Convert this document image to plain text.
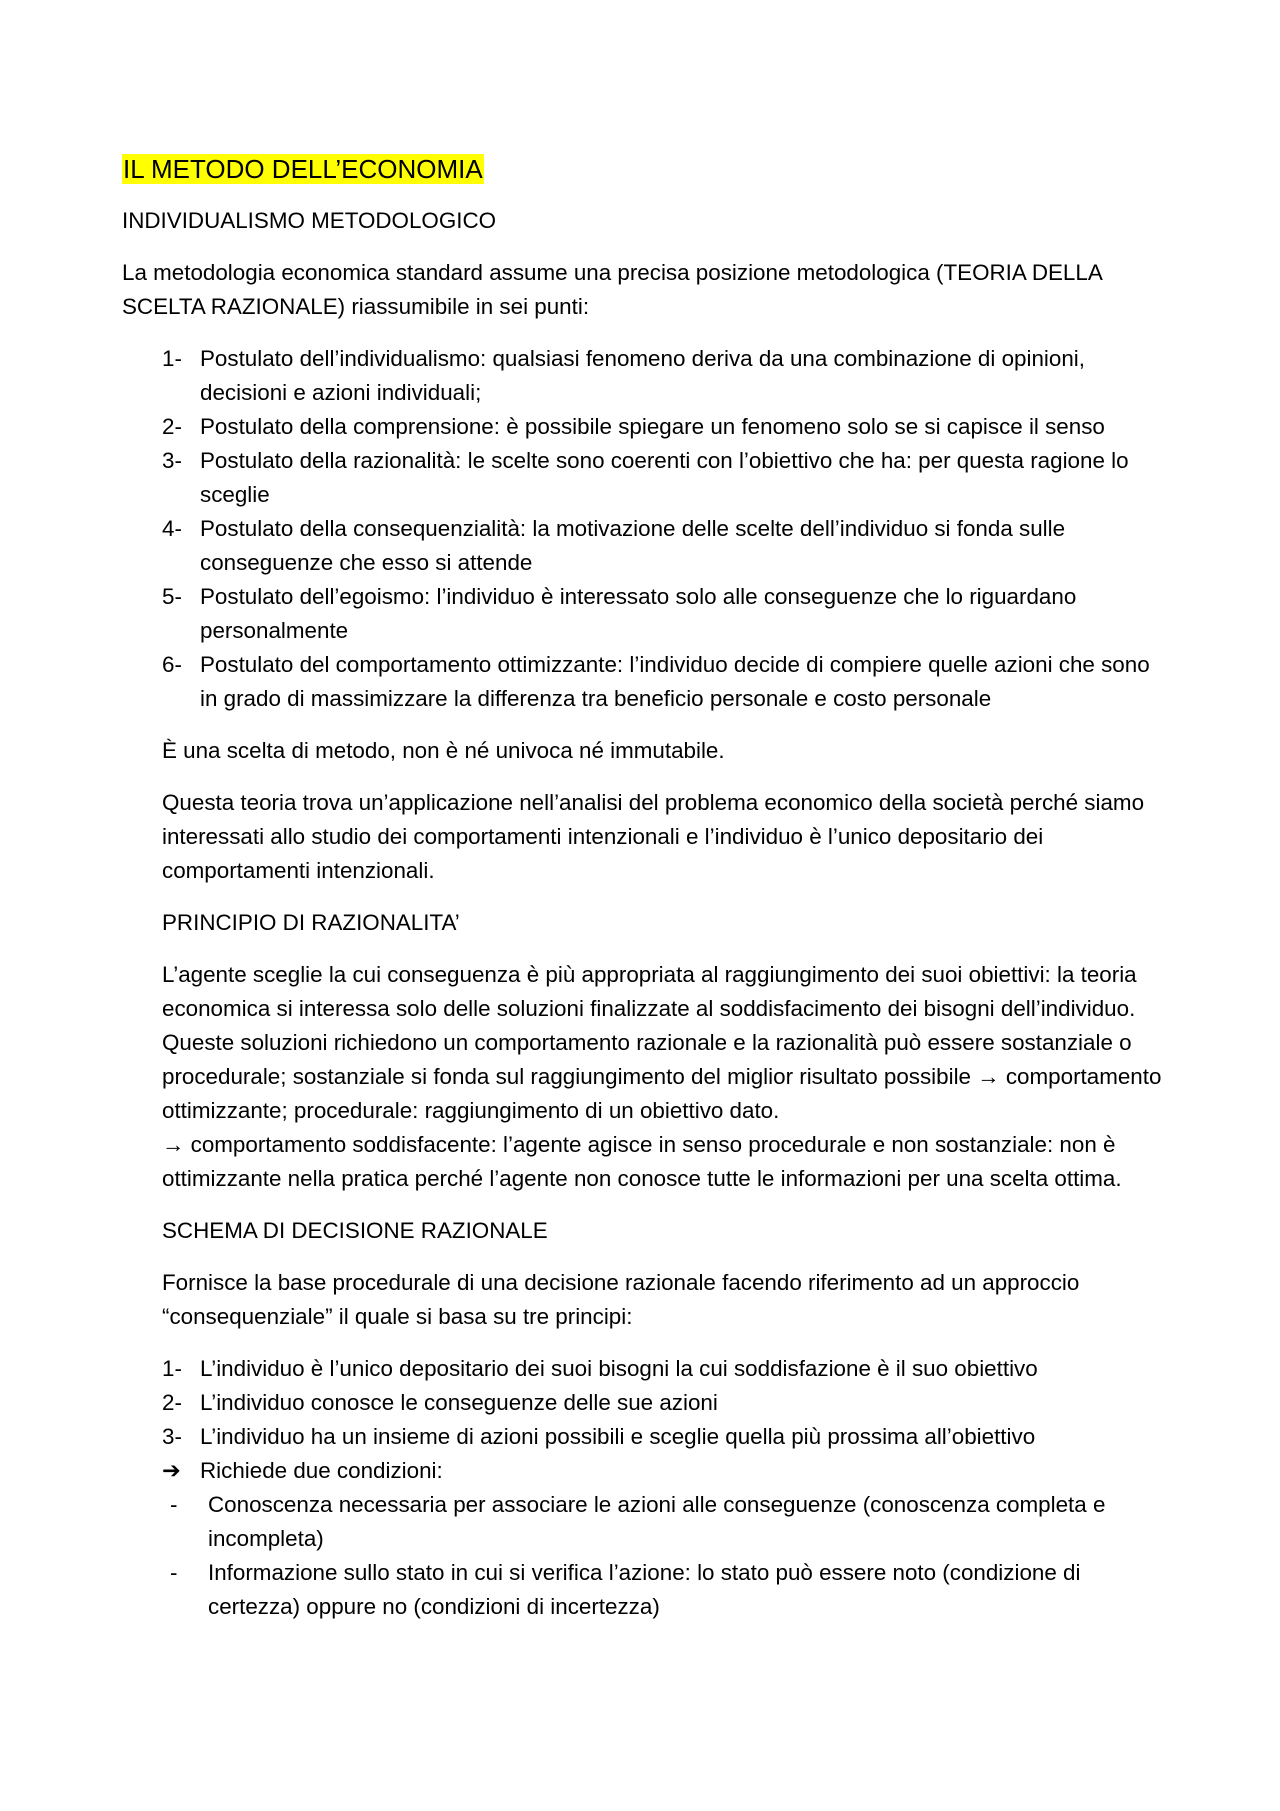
IL METODO DELL’ECONOMIA

INDIVIDUALISMO METODOLOGICO

La metodologia economica standard assume una precisa posizione metodologica (TEORIA DELLA SCELTA RAZIONALE) riassumibile in sei punti:

1- Postulato dell’individualismo: qualsiasi fenomeno deriva da una combinazione di opinioni, decisioni e azioni individuali;
2- Postulato della comprensione: è possibile spiegare un fenomeno solo se si capisce il senso
3- Postulato della razionalità: le scelte sono coerenti con l’obiettivo che ha: per questa ragione lo sceglie
4- Postulato della consequenzialità: la motivazione delle scelte dell’individuo si fonda sulle conseguenze che esso si attende
5- Postulato dell’egoismo: l’individuo è interessato solo alle conseguenze che lo riguardano personalmente
6- Postulato del comportamento ottimizzante: l’individuo decide di compiere quelle azioni che sono in grado di massimizzare la differenza tra beneficio personale e costo personale

È una scelta di metodo, non è né univoca né immutabile.

Questa teoria trova un’applicazione nell’analisi del problema economico della società perché siamo interessati allo studio dei comportamenti intenzionali e l’individuo è l’unico depositario dei comportamenti intenzionali.

PRINCIPIO DI RAZIONALITA’

L’agente sceglie la cui conseguenza è più appropriata al raggiungimento dei suoi obiettivi: la teoria economica si interessa solo delle soluzioni finalizzate al soddisfacimento dei bisogni dell’individuo. Queste soluzioni richiedono un comportamento razionale e la razionalità può essere sostanziale o procedurale; sostanziale si fonda sul raggiungimento del miglior risultato possibile → comportamento ottimizzante; procedurale: raggiungimento di un obiettivo dato.
→ comportamento soddisfacente: l’agente agisce in senso procedurale e non sostanziale: non è ottimizzante nella pratica perché l’agente non conosce tutte le informazioni per una scelta ottima.

SCHEMA DI DECISIONE RAZIONALE

Fornisce la base procedurale di una decisione razionale facendo riferimento ad un approccio “consequenziale” il quale si basa su tre principi:

1- L’individuo è l’unico depositario dei suoi bisogni la cui soddisfazione è il suo obiettivo
2- L’individuo conosce le conseguenze delle sue azioni
3- L’individuo ha un insieme di azioni possibili e sceglie quella più prossima all’obiettivo
➔ Richiede due condizioni:
-	Conoscenza necessaria per associare le azioni alle conseguenze (conoscenza completa e incompleta)
-	Informazione sullo stato in cui si verifica l’azione: lo stato può essere noto (condizione di certezza) oppure no (condizioni di incertezza)
